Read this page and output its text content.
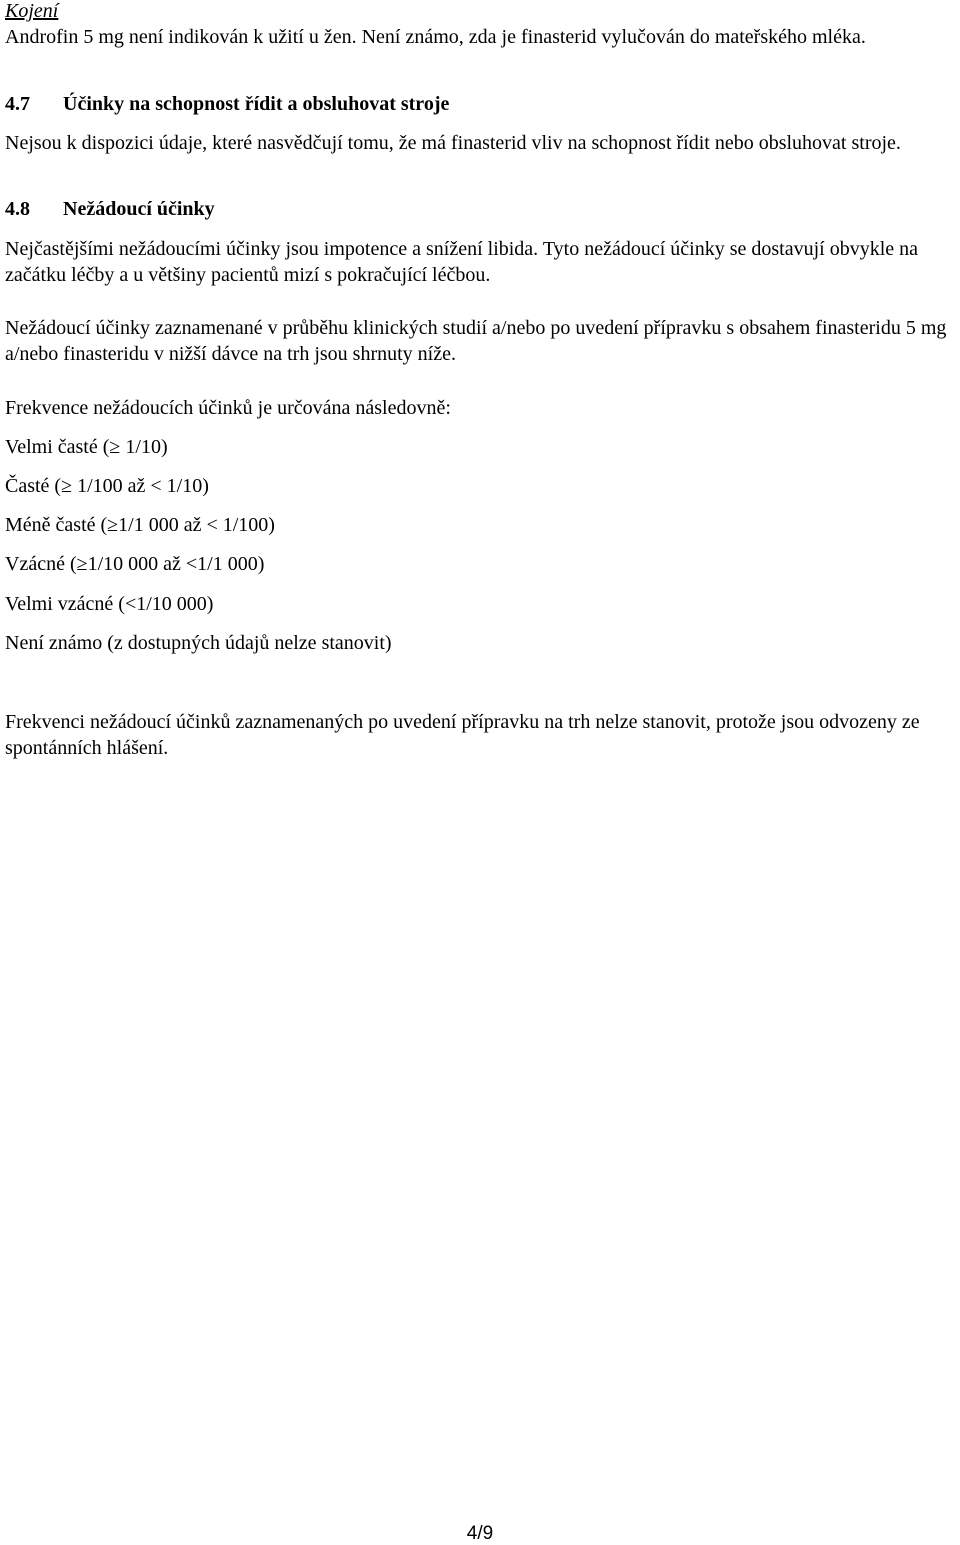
Kojení
Androfin 5 mg není indikován k užití u žen. Není známo, zda je finasterid vylučován do mateřského mléka.
4.7 Účinky na schopnost řídit a obsluhovat stroje
Nejsou k dispozici údaje, které nasvědčují tomu, že má finasterid vliv na schopnost řídit nebo obsluhovat stroje.
4.8 Nežádoucí účinky
Nejčastějšími nežádoucími účinky jsou impotence a snížení libida. Tyto nežádoucí účinky se dostavují obvykle na začátku léčby a u většiny pacientů mizí s pokračující léčbou.
Nežádoucí účinky zaznamenané v průběhu klinických studií a/nebo po uvedení přípravku s obsahem finasteridu 5 mg a/nebo finasteridu v nižší dávce na trh jsou shrnuty níže.
Frekvence nežádoucích účinků je určována následovně:
Velmi časté (≥ 1/10)
Časté (≥ 1/100 až < 1/10)
Méně časté (≥1/1 000 až < 1/100)
Vzácné (≥1/10 000 až <1/1 000)
Velmi vzácné (<1/10 000)
Není známo (z dostupných údajů nelze stanovit)
Frekvenci nežádoucí účinků zaznamenaných po uvedení přípravku na trh nelze stanovit, protože jsou odvozeny ze spontánních hlášení.
4/9
